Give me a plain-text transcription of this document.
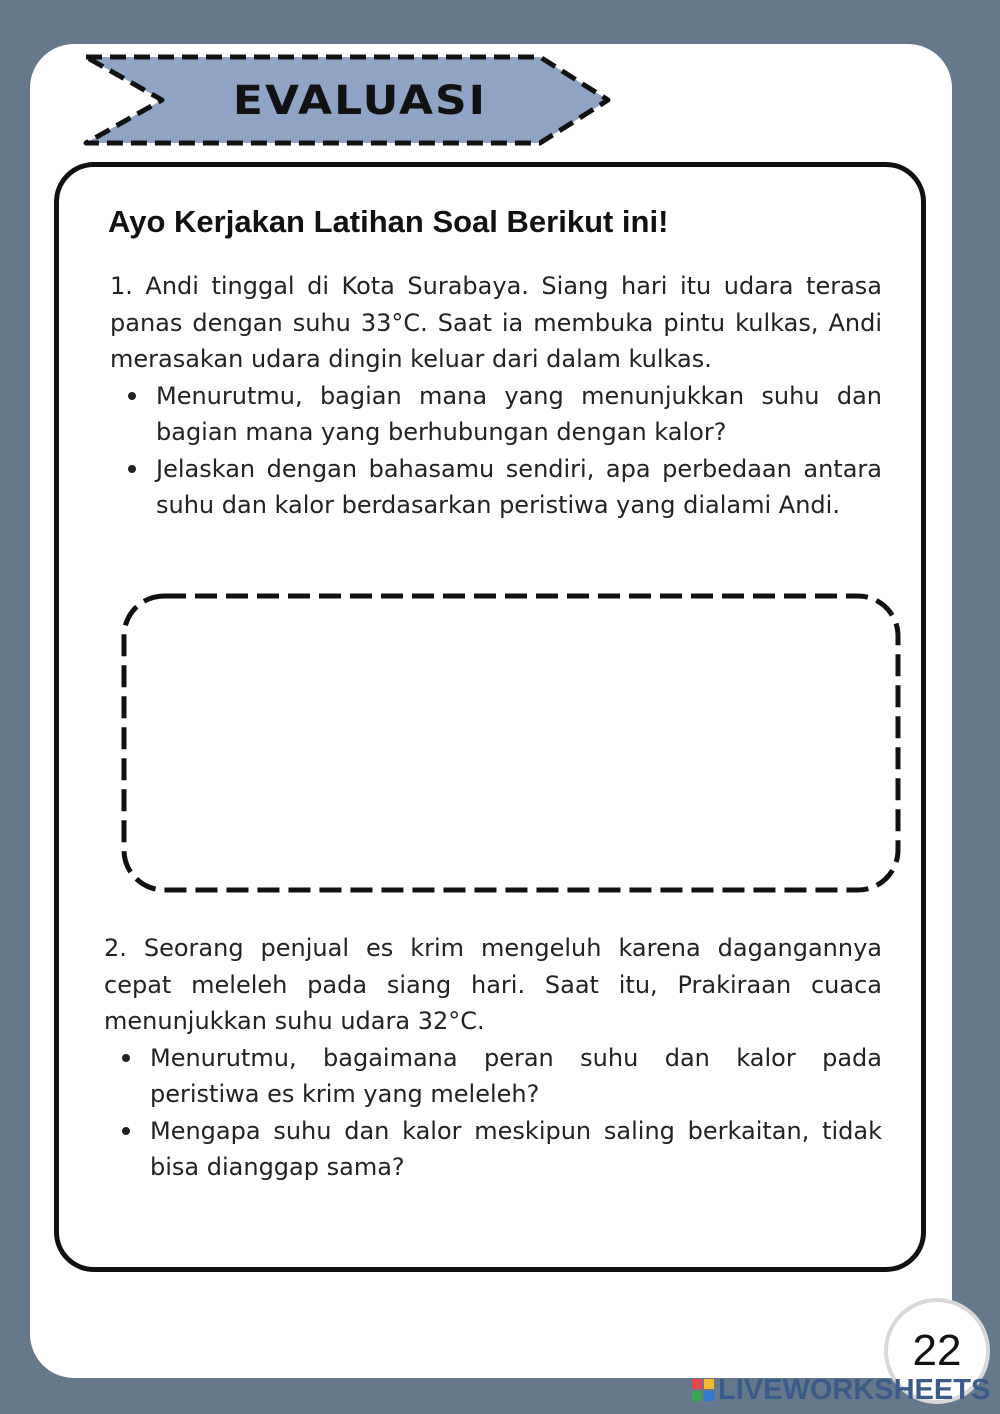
EVALUASI
Ayo Kerjakan Latihan Soal Berikut ini!

1. Andi tinggal di Kota Surabaya. Siang hari itu udara terasa panas dengan suhu 33°C. Saat ia membuka pintu kulkas, Andi merasakan udara dingin keluar dari dalam kulkas.

Menurutmu, bagian mana yang menunjukkan suhu dan bagian mana yang berhubungan dengan kalor?
Jelaskan dengan bahasamu sendiri, apa perbedaan antara suhu dan kalor berdasarkan peristiwa yang dialami Andi.

2. Seorang penjual es krim mengeluh karena dagangannya cepat meleleh pada siang hari. Saat itu, Prakiraan cuaca menunjukkan suhu udara 32°C.

Menurutmu, bagaimana peran suhu dan kalor pada peristiwa es krim yang meleleh?
Mengapa suhu dan kalor meskipun saling berkaitan, tidak bisa dianggap sama?
22
LIVEWORKSHEETS
